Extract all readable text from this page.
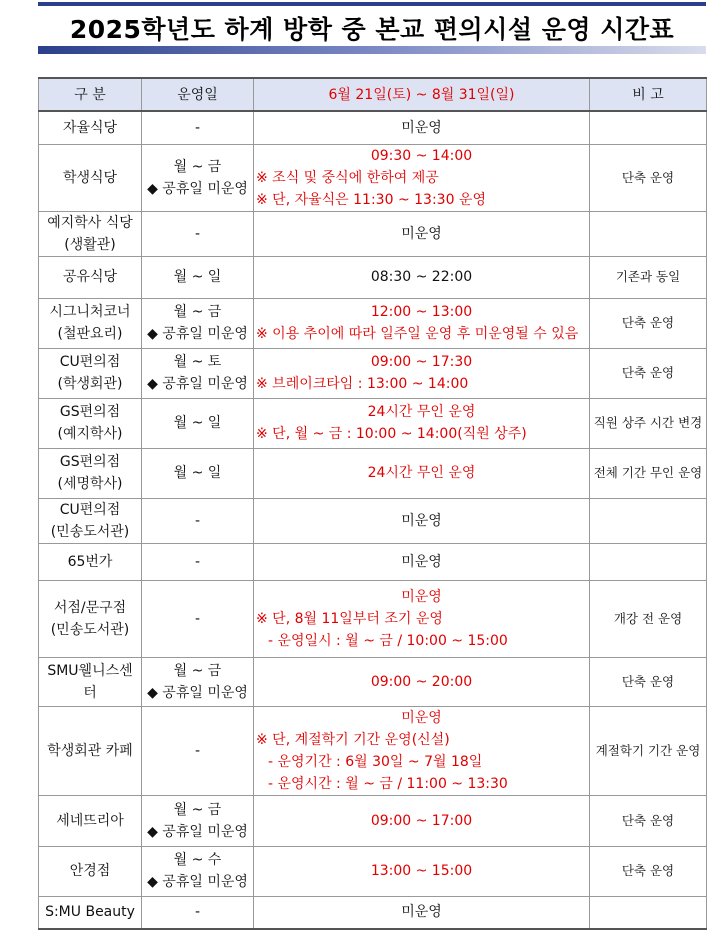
2025학년도 하계 방학 중 본교 편의시설 운영 시간표
구 분	운영일	6월 21일(토) ~ 8월 31일(일)	비 고

자율식당	-	미운영	

학생식당	월 ~ 금
◆ 공휴일 미운영	09:30 ~ 14:00
※ 조식 및 중식에 한하여 제공
※ 단, 자율식은 11:30 ~ 13:30 운영	단축 운영

예지학사 식당
(생활관)	-	미운영	

공유식당	월 ~ 일	08:30 ~ 22:00	기존과 동일

시그니처코너
(철판요리)	월 ~ 금
◆ 공휴일 미운영	12:00 ~ 13:00
※ 이용 추이에 따라 일주일 운영 후 미운영될 수 있음	단축 운영

CU편의점
(학생회관)	월 ~ 토
◆ 공휴일 미운영	09:00 ~ 17:30
※ 브레이크타임 : 13:00 ~ 14:00	단축 운영

GS편의점
(예지학사)	월 ~ 일	24시간 무인 운영
※ 단, 월 ~ 금 : 10:00 ~ 14:00(직원 상주)	직원 상주 시간 변경

GS편의점
(세명학사)	월 ~ 일	24시간 무인 운영	전체 기간 무인 운영

CU편의점
(민송도서관)	-	미운영	

65번가	-	미운영	

서점/문구점
(민송도서관)	-	미운영
※ 단, 8월 11일부터 조기 운영
- 운영일시 : 월 ~ 금 / 10:00 ~ 15:00	개강 전 운영

SMU웰니스센터	월 ~ 금
◆ 공휴일 미운영	09:00 ~ 20:00	단축 운영

학생회관 카페	-	미운영
※ 단, 계절학기 기간 운영(신설)
- 운영기간 : 6월 30일 ~ 7월 18일
- 운영시간 : 월 ~ 금 / 11:00 ~ 13:30	계절학기 기간 운영

세네뜨리아	월 ~ 금
◆ 공휴일 미운영	09:00 ~ 17:00	단축 운영

안경점	월 ~ 수
◆ 공휴일 미운영	13:00 ~ 15:00	단축 운영

S:MU Beauty	-	미운영	
